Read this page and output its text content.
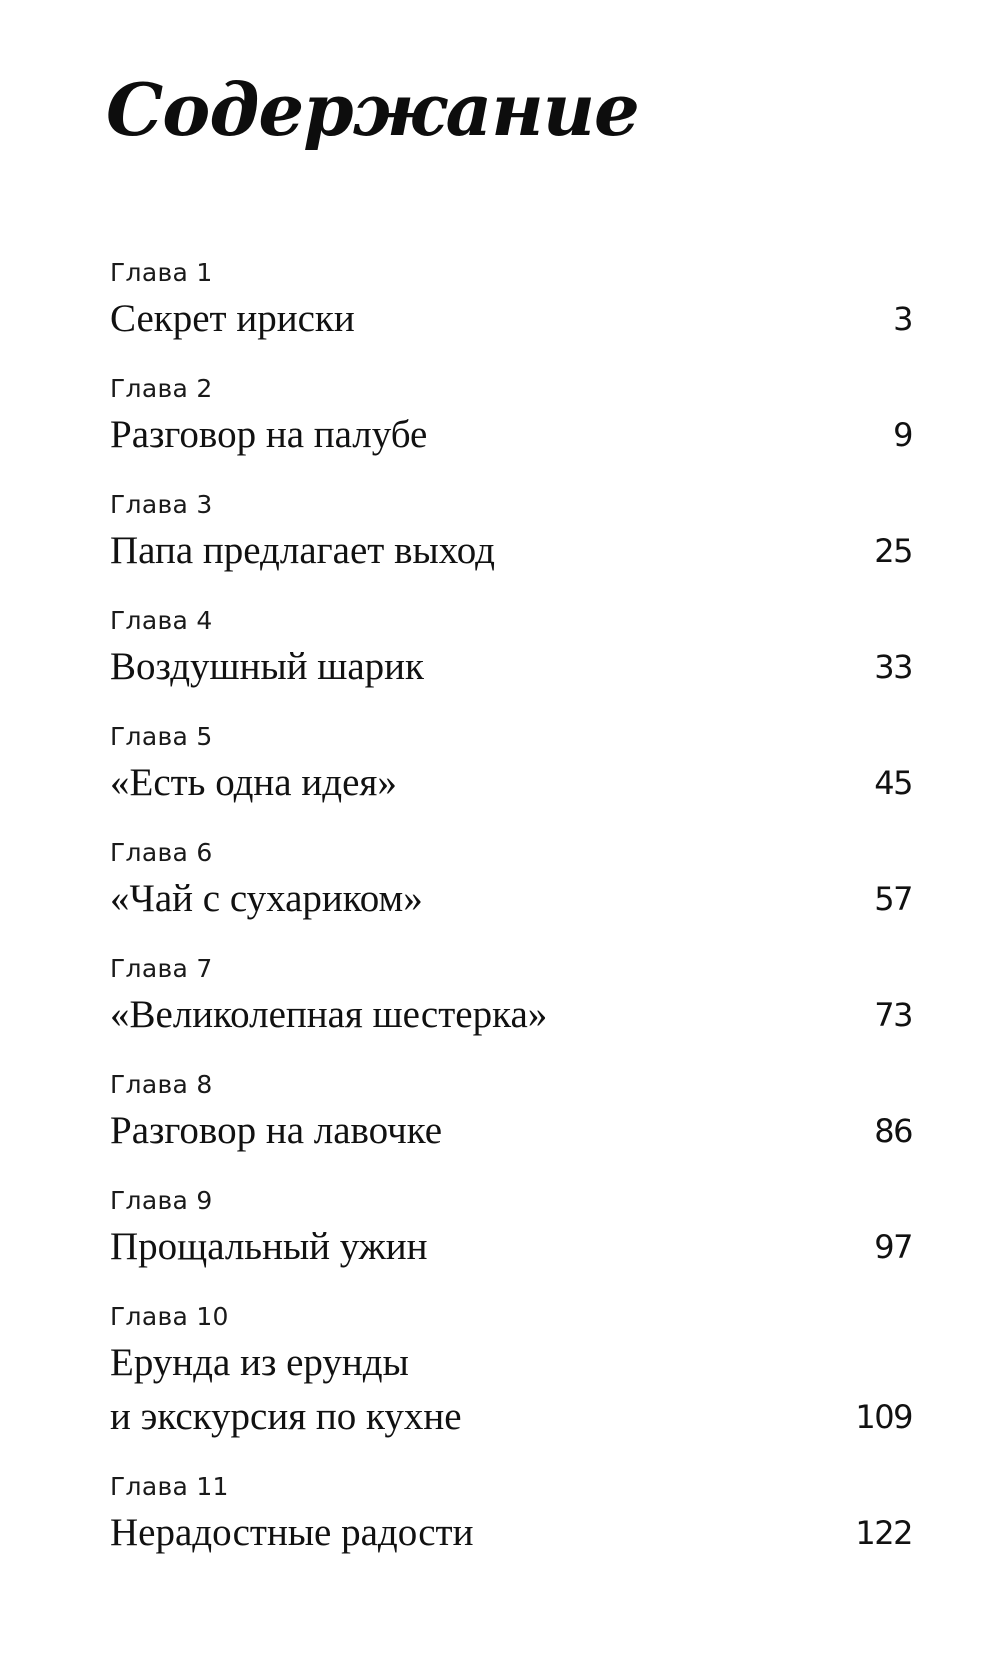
Содержание
Глава 1
Секрет ириски	3
Глава 2
Разговор на палубе	9
Глава 3
Папа предлагает выход	25
Глава 4
Воздушный шарик	33
Глава 5
«Есть одна идея»	45
Глава 6
«Чай с сухариком»	57
Глава 7
«Великолепная шестерка»	73
Глава 8
Разговор на лавочке	86
Глава 9
Прощальный ужин	97
Глава 10
Ерунда из ерунды
и экскурсия по кухне	109
Глава 11
Нерадостные радости	122
